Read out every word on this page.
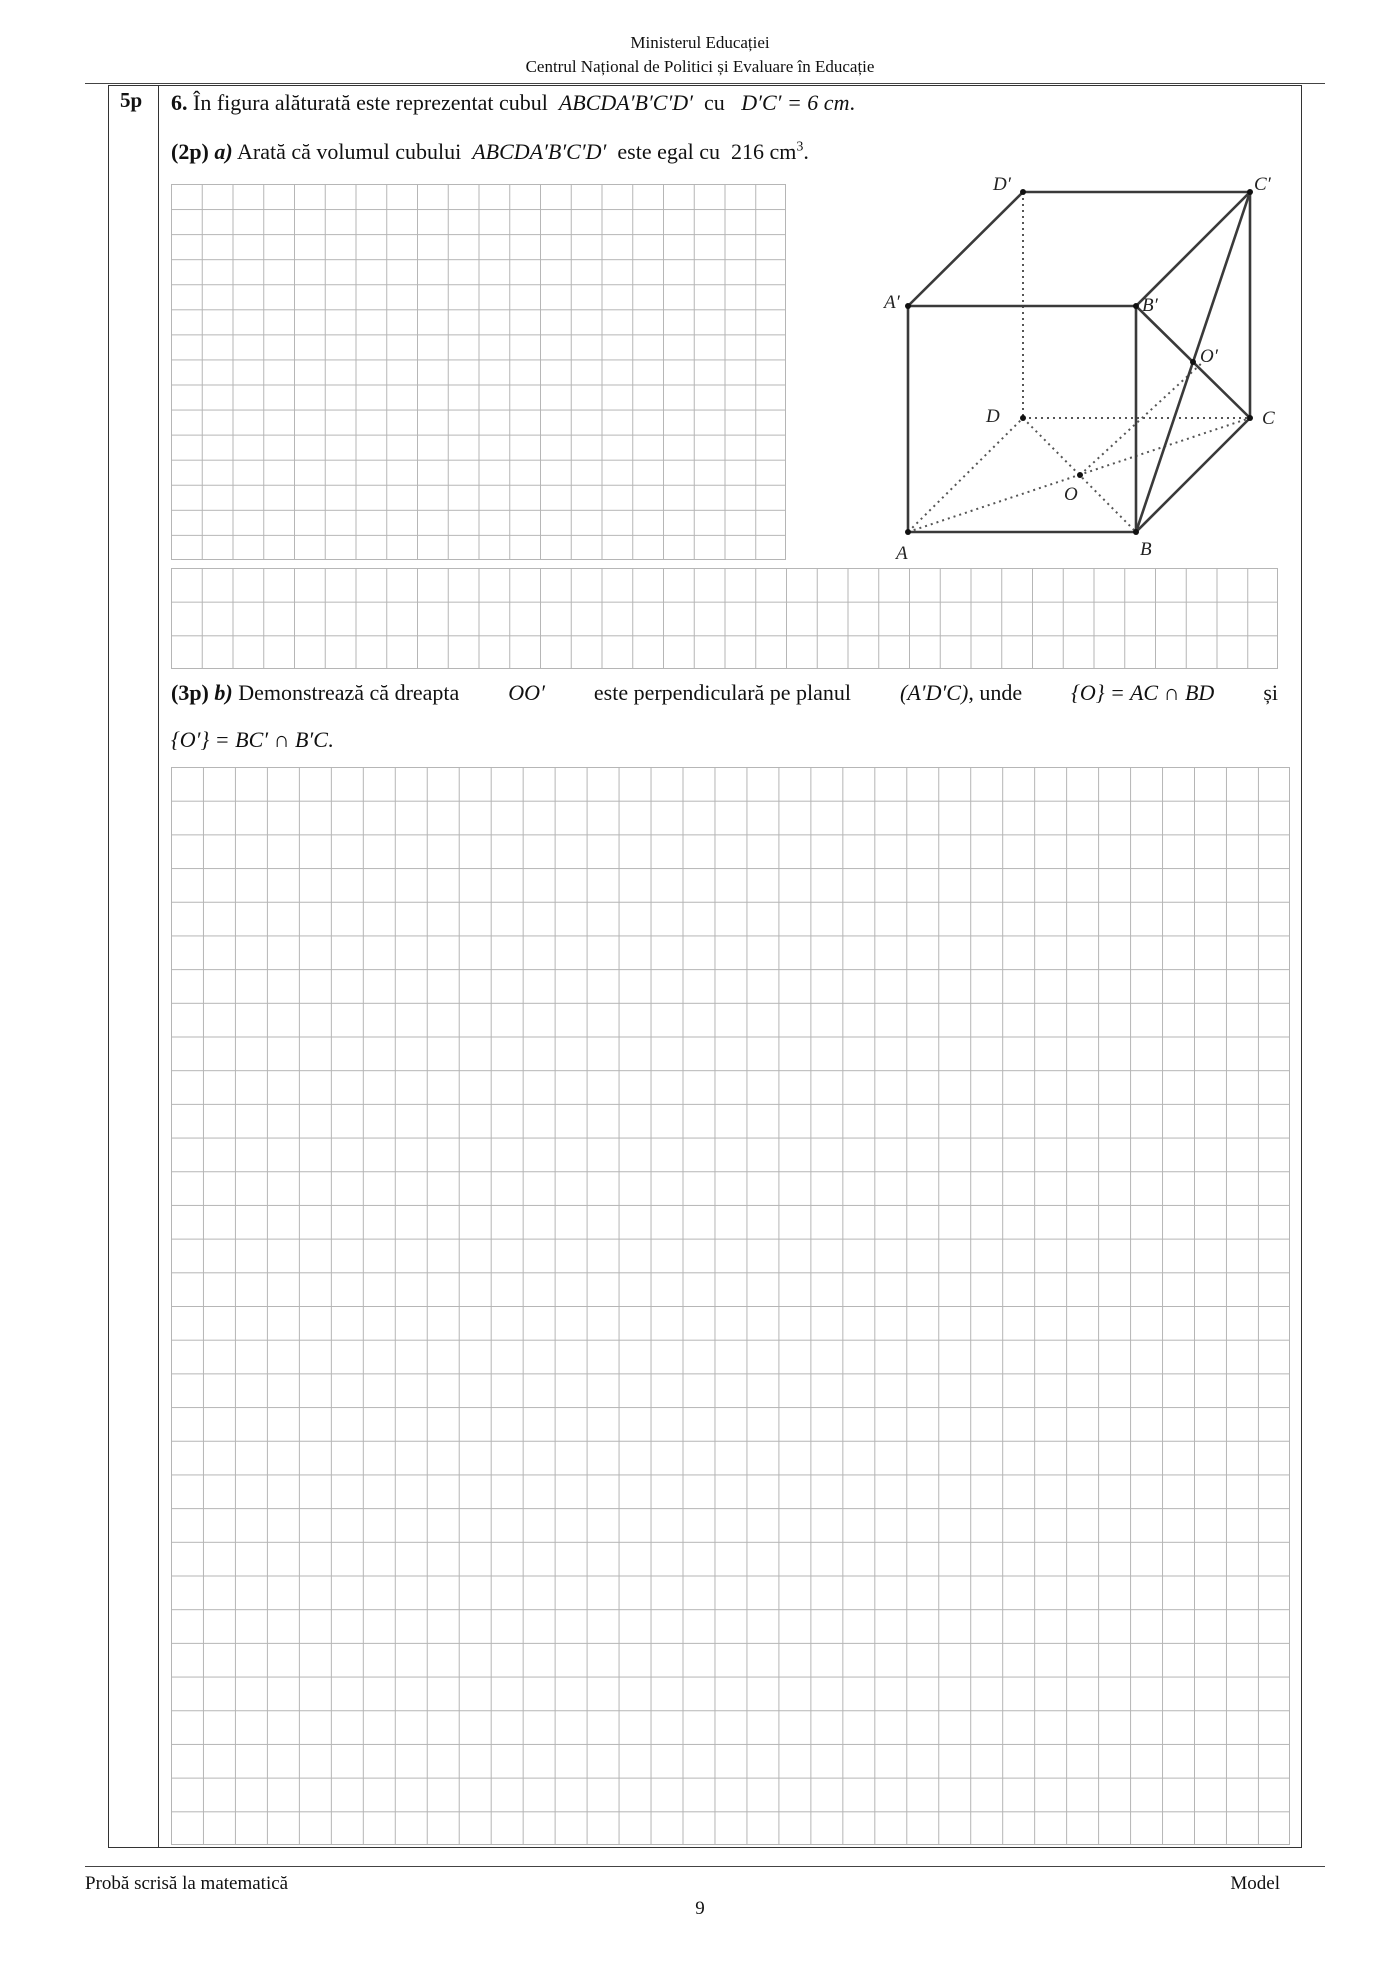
Ministerul Educației
Centrul Național de Politici și Evaluare în Educație
5p 6. În figura alăturată este reprezentat cubul ABCDA′B′C′D′ cu D′C′ = 6 cm.
(2p) a) Arată că volumul cubului ABCDA′B′C′D′ este egal cu 216 $cm^3$.
A	B
C
D
A′	B′
C′
D′
O
O′
(3p) b) Demonstrează că dreapta OO′ este perpendiculară pe planul (A′D′C), unde {O} = AC ∩ BD și
{O′} = BC′ ∩ B′C.
Probă scrisă la matematică	Model
9
